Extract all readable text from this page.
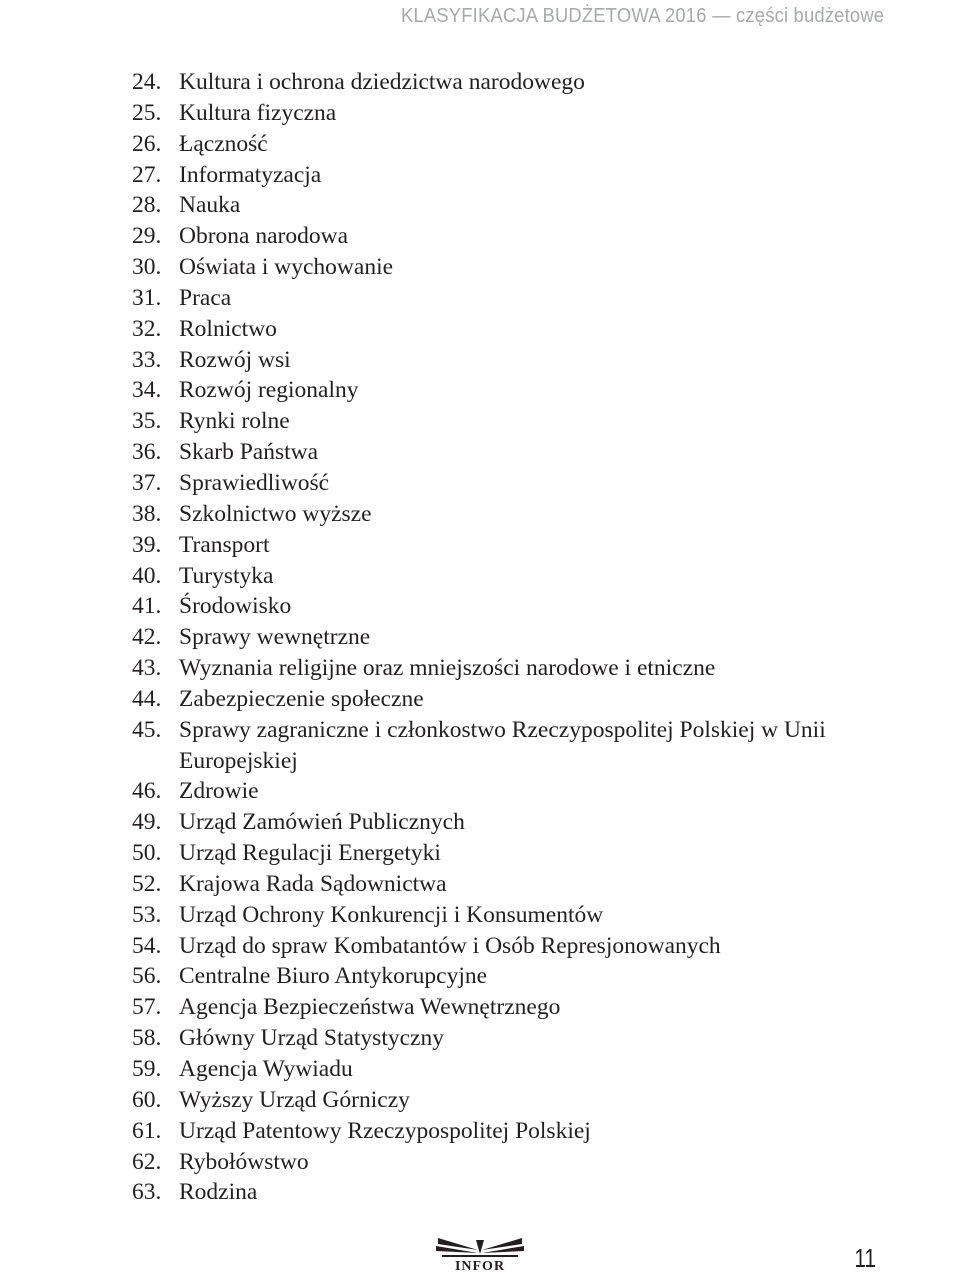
KLASYFIKACJA BUDŻETOWA 2016 — części budżetowe
24. Kultura i ochrona dziedzictwa narodowego
25. Kultura fizyczna
26. Łączność
27. Informatyzacja
28. Nauka
29. Obrona narodowa
30. Oświata i wychowanie
31. Praca
32. Rolnictwo
33. Rozwój wsi
34. Rozwój regionalny
35. Rynki rolne
36. Skarb Państwa
37. Sprawiedliwość
38. Szkolnictwo wyższe
39. Transport
40. Turystyka
41. Środowisko
42. Sprawy wewnętrzne
43. Wyznania religijne oraz mniejszości narodowe i etniczne
44. Zabezpieczenie społeczne
45. Sprawy zagraniczne i członkostwo Rzeczypospolitej Polskiej w Unii Europejskiej
46. Zdrowie
49. Urząd Zamówień Publicznych
50. Urząd Regulacji Energetyki
52. Krajowa Rada Sądownictwa
53. Urząd Ochrony Konkurencji i Konsumentów
54. Urząd do spraw Kombatantów i Osób Represjonowanych
56. Centralne Biuro Antykorupcyjne
57. Agencja Bezpieczeństwa Wewnętrznego
58. Główny Urząd Statystyczny
59. Agencja Wywiadu
60. Wyższy Urząd Górniczy
61. Urząd Patentowy Rzeczypospolitej Polskiej
62. Rybołówstwo
63. Rodzina
INFOR	11
